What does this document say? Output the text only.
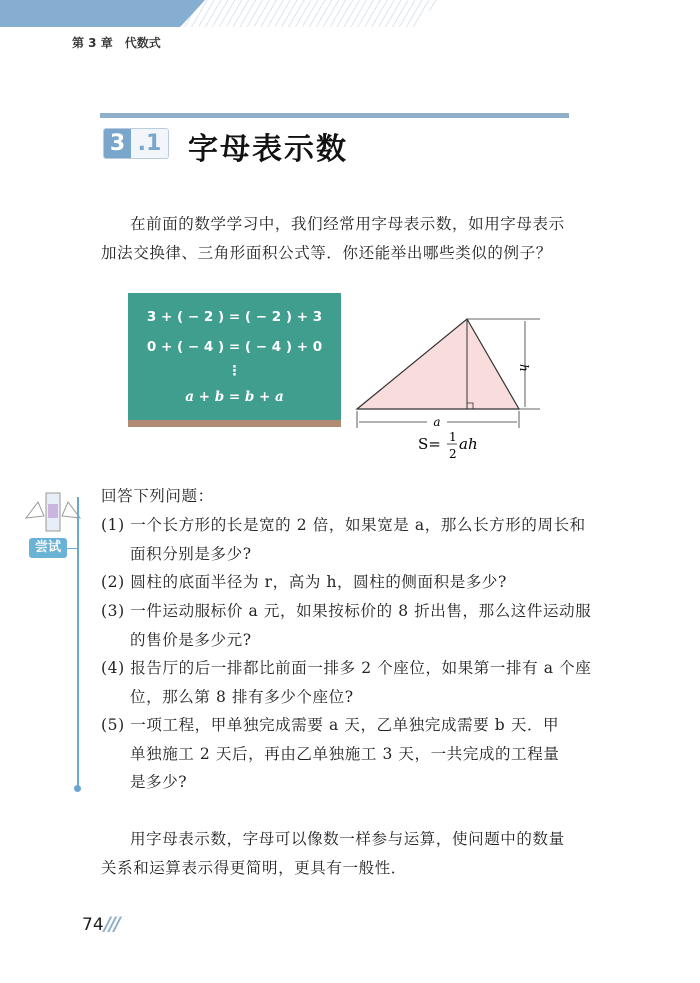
第 3 章　代数式
3 .1 字母表示数
在前面的数学学习中，我们经常用字母表示数，如用字母表示
加法交换律、三角形面积公式等．你还能举出哪些类似的例子？
3 + ( − 2 ) = ( − 2 ) + 3
0 + ( − 4 ) = ( − 4 ) + 0
⋮
a + b = b + a
a
h
S= 1
2
ah
尝试
回答下列问题：
(1) 一个长方形的长是宽的 2 倍，如果宽是 a，那么长方形的周长和
面积分别是多少?
(2) 圆柱的底面半径为 r，高为 h，圆柱的侧面积是多少?
(3) 一件运动服标价 a 元，如果按标价的 8 折出售，那么这件运动服
的售价是多少元?
(4) 报告厅的后一排都比前面一排多 2 个座位，如果第一排有 a 个座
位，那么第 8 排有多少个座位?
(5) 一项工程，甲单独完成需要 a 天，乙单独完成需要 b 天．甲
单独施工 2 天后，再由乙单独施工 3 天，一共完成的工程量
是多少?
用字母表示数，字母可以像数一样参与运算，使问题中的数量
关系和运算表示得更简明，更具有一般性．
74 ///
